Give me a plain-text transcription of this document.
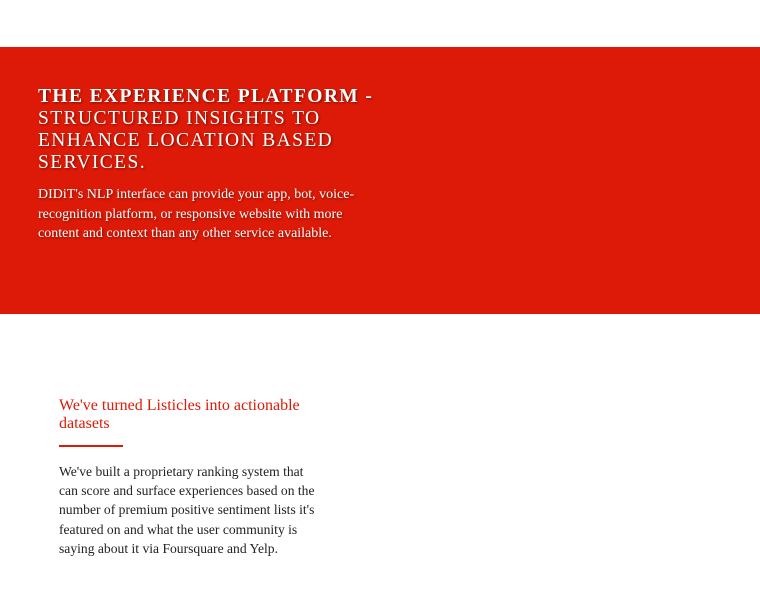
THE EXPERIENCE PLATFORM - STRUCTURED INSIGHTS TO ENHANCE LOCATION BASED SERVICES.

DIDiT's NLP interface can provide your app, bot, voice-recognition platform, or responsive website with more content and context than any other service available.

We've turned Listicles into actionable datasets

We've built a proprietary ranking system that can score and surface experiences based on the number of premium positive sentiment lists it's featured on and what the user community is saying about it via Foursquare and Yelp.
